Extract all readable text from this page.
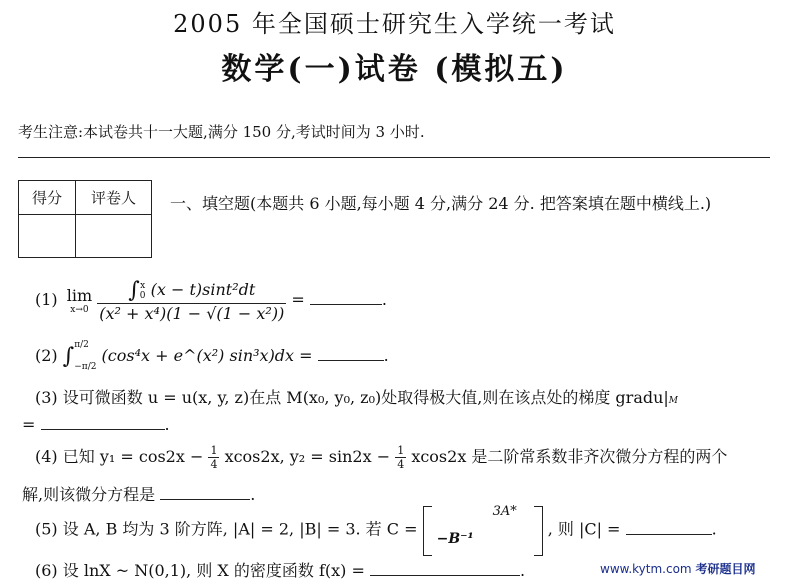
2005 年全国硕士研究生入学统一考试
数学(一)试卷 (模拟五)
考生注意:本试卷共十一大题,满分 150 分,考试时间为 3 小时.
得分	评卷人
	一、填空题(本题共 6 小题,每小题 4 分,满分 24 分. 把答案填在题中横线上.)
(1) lim
x→0
∫ x
0 (x − t)sint²dt
(x² + x⁴)(1 − √(1 − x²)) =	.
(2) ∫ π/2

−π/2
(cos⁴x + e^(x²) sin³x)dx =	.
(3) 设可微函数 u = u(x, y, z)在点 M(x₀, y₀, z₀)处取得极大值,则在该点处的梯度 gradu|M
=	.
(4) 已知 $y_1 = \cos 2x - \frac{1}{4} xcos2x$, $y_2 = \sin 2x - \frac{1}{4} xcos2x$ 是二阶常系数非齐次微分方程的两个
解,则该微分方程是	.
(5) 设 A, B 均为 3 阶方阵, |A| = 2, |B| = 3. 若 C =
3A*
−B⁻¹
, 则 |C| =	.
(6) 设 lnX ~ N(0,1), 则 X 的密度函数 f(x) =	.	www.kytm.com 考研题目网
